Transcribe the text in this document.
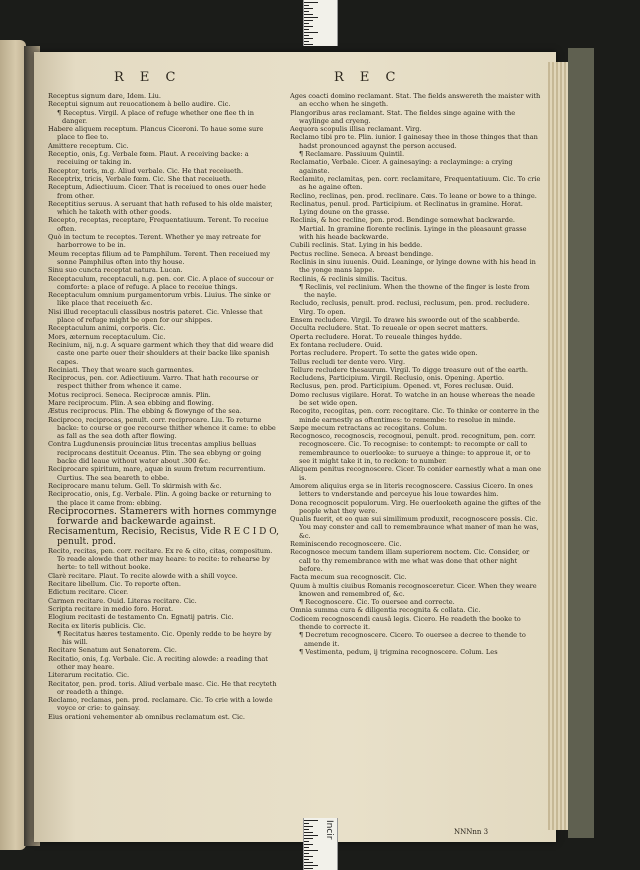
R E C	R E C

Receptus signum dare, Idem. Liu.

Receptui signum aut reuocationem à bello audire. Cic.

¶ Receptus. Virgil. A place of refuge whether one flee th in danger.

Habere aliquem receptum. Plancus Ciceroni. To haue some sure place to flee to.

Amittere receptum. Cic.

Receptio, onis, f.g. Verbale fœm. Plaut. A receiving backe: a receiuing or taking in.

Receptor, toris, m.g. Aliud verbale. Cic. He that receiueth.

Receptrix, tricis, Verbale fœm. Cic. She that receiueth.

Receptum, Adiectiuum. Cicer. That is receiued to ones ouer hede from other.

Receptitius seruus. A seruant that hath refused to his olde maister, which he taketh with other goods.

Recepto, receptas, receptare, Frequentatiuum. Terent. To receiue often.

Quò in tectum te receptes. Terent. Whether ye may retreate for harborrowe to be in.

Meum receptas filium ad te Pamphilum. Terent. Then receiued my sonne Pamphilus often into thy house.

Sinu suo cuncta receptat natura. Lucan.

Receptaculum, receptaculi, n.g. pen. cor. Cic. A place of succour or comforte: a place of refuge. A place to receiue things.

Receptaculum omnium purgamentorum vrbis. Liuius. The sinke or like place that receiueth &c.

Nisi illud receptaculi classibus nostris pateret. Cic. Vnlesse that place of refuge might be open for our shippes.

Receptaculum animi, corporis. Cic.

Mors, æternum receptaculum. Cic.

Recinium, nij, n.g. A square garment which they that did weare did caste one parte ouer their shoulders at their backe like spanish capes.

Reciniati. They that weare such garmentes.

Reciprocus, pen. cor. Adiectiuum. Varro. That hath recourse or respect thither from whence it came.

Motus reciproci. Seneca. Reciprocæ amnis. Plin.

Mare reciprocum. Plin. A sea ebbing and flowing.

Æstus reciprocus. Plin. The ebbing & flowynge of the sea.

Reciproco, reciprocas, penult. corr. reciprocare. Liu. To returne backe: to course or goe recourse thither whence it came: to ebbe as fall as the sea doth after flowing.

Contra Lugdunensis prouinciæ litus trecentas amplius belluas reciprocans destituit Oceanus. Plin. The sea ebbyng or going backe did leaue without water about .300 &c.

Reciprocare spiritum, mare, aquæ in suum fretum recurrentium. Curtius. The sea beareth to ebbe.

Reciprocare manu telum. Gell. To skirmish with &c.

Reciprocatio, onis, f.g. Verbale. Plin. A going backe or returning to the place it came from: ebbing.

Reciprocornes. Stamerers with hornes commynge forwarde and backewarde against.

Recisamentum, Recisio, Recisus, Vide R E C I D O, penult. prod.

Recito, recitas, pen. corr. recitare. Ex re & cito, citas, compositum. To reade alowde that other may heare: to recite: to rehearse by herte: to tell without booke.

Clarè recitare. Plaut. To recite alowde with a shill voyce.

Recitare libellum. Cic. To reporte often.

Edictum recitare. Cicer.

Carmen recitare. Ouid. Literas recitare. Cic.

Scripta recitare in medio foro. Horat.

Elogium recitasti de testamento Cn. Egnatij patris. Cic.

Recita ex literis publicis. Cic.

¶ Recitatus hæres testamento. Cic. Openly redde to be heyre by his will.

Recitare Senatum aut Senatorem. Cic.

Recitatio, onis, f.g. Verbale. Cic. A reciting alowde: a reading that other may heare.

Literarum recitatio. Cic.

Recitator, pen. prod. toris. Aliud verbale masc. Cic. He that recyteth or readeth a thinge.

Reclamo, reclamas, pen. prod. reclamare. Cic. To crie with a lowde voyce or crie: to gainsay.

Eius orationi vehementer ab omnibus reclamatum est. Cic.

Ages coacti domino reclamant. Stat. The fields answereth the maister with an eccho when he singeth.

Plangoribus aras reclamant. Stat. The fieldes singe againe with the waylinge and cryeng.

Aequora scopulis illisa reclamant. Virg.

Reclamo tibi pro te. Plin. iunior. I gainesay thee in those thinges that than hadst pronounced agaynst the person accused.

¶ Reclamare. Passiuum Quintil.

Reclamatio, Verbale. Cicer. A gainesaying: a reclayminge: a crying againste.

Reclamito, reclamitas, pen. corr. reclamitare, Frequentatiuum. Cic. To crie as he againe often.

Reclino, reclinas, pen. prod. reclinare. Cæs. To leane or bowe to a thinge.

Reclinatus, penul. prod. Participium. et Reclinatus in gramine. Horat. Lying doune on the grasse.

Reclinis, & hoc recline, pen. prod. Bendinge somewhat backwarde. Martial. In gramine florente reclinis. Lyinge in the pleasaunt grasse with his heade backwarde.

Cubili reclinis. Stat. Lying in his bedde.

Pectus recline. Seneca. A breast bendinge.

Reclinis in sinu iuuenis. Ouid. Leaninge, or lyinge downe with his head in the yonge mans lappe.

Reclinis, & reclinis similis. Tacitus.

¶ Reclinis, vel reclinium. When the thowne of the finger is leste from the nayle.

Recludo, reclusis, penult. prod. reclusi, reclusum, pen. prod. recludere. Virg. To open.

Ensem recludere. Virgil. To drawe his swoorde out of the scabberde.

Occulta recludere. Stat. To reueale or open secret matters.

Operta recludere. Horat. To reueale thinges hydde.

Ex fontana recludere. Ouid.

Portas recludere. Propert. To sette the gates wide open.

Tellus recludi ter dente vero. Virg.

Tellure recludere thesaurum. Virgil. To digge treasure out of the earth.

Recludens, Participium. Virgil. Reclusio, onis. Opening. Apertio.

Reclusus, pen. prod. Participium. Opened. vt, Fores reclusæ. Ouid.

Domo reclusus vigilare. Horat. To watche in an house whereas the neade be set wide open.

Recogito, recogitas, pen. corr. recogitare. Cic. To thinke or conterre in the minde earnestly as oftentimes: to remembe: to resolue in minde.

Sæpe mecum retractans ac recogitans. Colum.

Recognosco, recognoscis, recognoui, penult. prod. recognitum, pen. corr. recognoscere. Cic. To recognise: to contempt: to recompte or call to remembraunce to ouerlooke: to surueye a thinge: to approue it, or to see it might take it in, to reckon: to number.

Aliquem penitus recognoscere. Cicer. To conider earnestly what a man one is.

Amorem aliquius erga se in literis recognoscere. Cassius Cicero. In ones letters to vnderstande and perceyue his loue towardes him.

Dona recognoscit populorum. Virg. He ouerlooketh againe the giftes of the people what they were.

Qualis fuerit, et eo quæ sui similimum produxit, recognoscere possis. Cic. You may conster and call to remembraunce what maner of man he was, &c.

Reminiscendo recognoscere. Cic.

Recognosce mecum tandem illam superiorem noctem. Cic. Consider, or call to thy remembrance with me what was done that other night before.

Facta mecum sua recognoscit. Cic.

Quum à multis ciuibus Romanis recognosceretur. Cicer. When they weare knowen and remembred of, &c.

¶ Recognoscere. Cic. To ouersee and correcte.

Omnia summa cura & diligentia recognita & collata. Cic.

Codicem recognoscendi causâ legis. Cicero. He readeth the booke to thende to correcte it.

¶ Decretum recognoscere. Cicero. To ouersee a decree to thende to amende it.

¶ Vestimenta, pedum, ij trigmina recognoscere. Colum. Les

NNNnn 3
Incir
